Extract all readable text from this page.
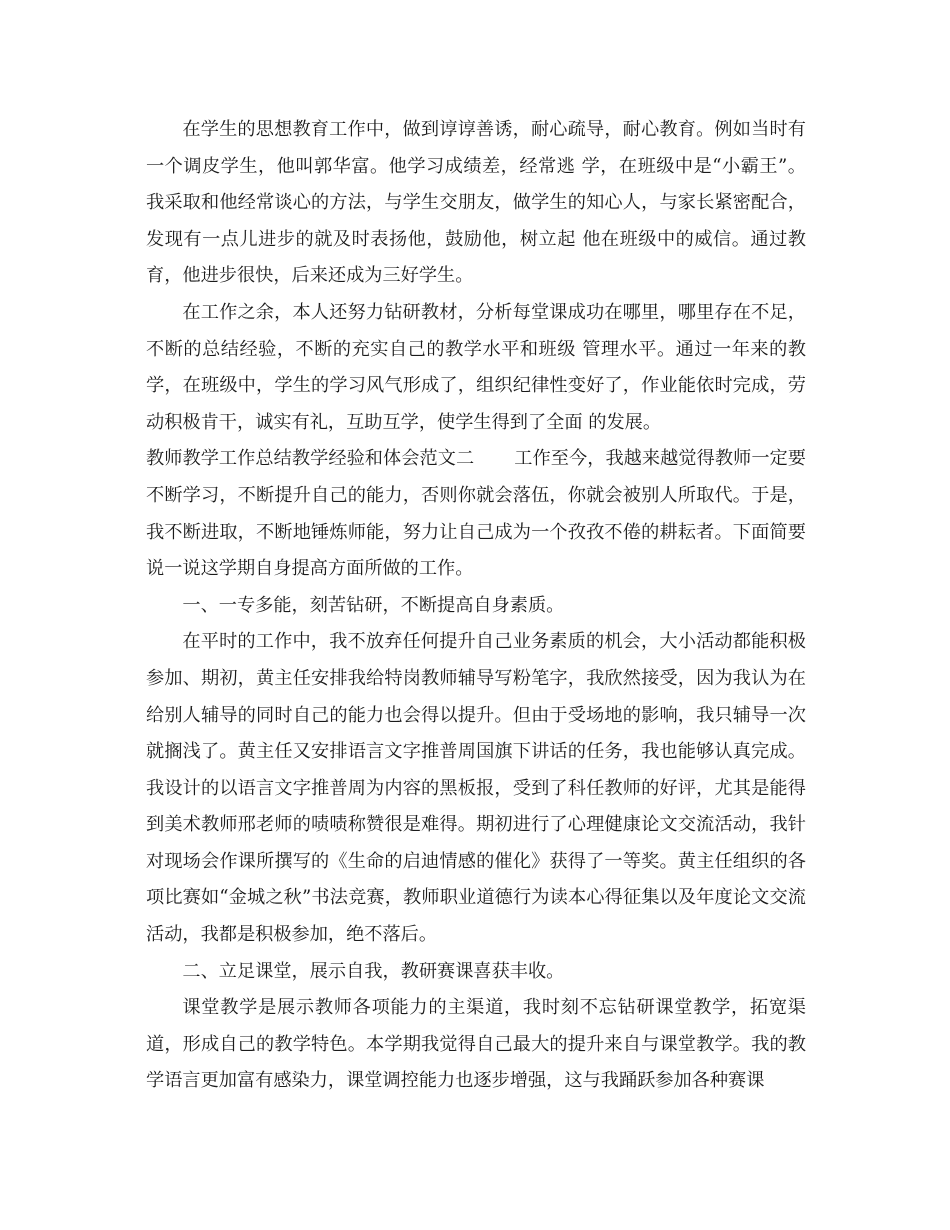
在学生的思想教育工作中，做到谆谆善诱，耐心疏导，耐心教育。例如当时有一个调皮学生，他叫郭华富。他学习成绩差，经常逃 学，在班级中是“小霸王”。我采取和他经常谈心的方法，与学生交朋友，做学生的知心人，与家长紧密配合，发现有一点儿进步的就及时表扬他，鼓励他，树立起 他在班级中的威信。通过教育，他进步很快，后来还成为三好学生。

在工作之余，本人还努力钻研教材，分析每堂课成功在哪里，哪里存在不足，不断的总结经验，不断的充实自己的教学水平和班级 管理水平。通过一年来的教学，在班级中，学生的学习风气形成了，组织纪律性变好了，作业能依时完成，劳动积极肯干，诚实有礼，互助互学，使学生得到了全面 的发展。

教师教学工作总结教学经验和体会范文二 工作至今，我越来越觉得教师一定要不断学习，不断提升自己的能力，否则你就会落伍，你就会被别人所取代。于是，我不断进取，不断地锤炼师能，努力让自己成为一个孜孜不倦的耕耘者。下面简要说一说这学期自身提高方面所做的工作。

一、一专多能，刻苦钻研，不断提高自身素质。

在平时的工作中，我不放弃任何提升自己业务素质的机会，大小活动都能积极参加、期初，黄主任安排我给特岗教师辅导写粉笔字，我欣然接受，因为我认为在给别人辅导的同时自己的能力也会得以提升。但由于受场地的影响，我只辅导一次就搁浅了。黄主任又安排语言文字推普周国旗下讲话的任务，我也能够认真完成。我设计的以语言文字推普周为内容的黑板报，受到了科任教师的好评，尤其是能得到美术教师邢老师的啧啧称赞很是难得。期初进行了心理健康论文交流活动，我针对现场会作课所撰写的《生命的启迪情感的催化》获得了一等奖。黄主任组织的各项比赛如“金城之秋”书法竞赛，教师职业道德行为读本心得征集以及年度论文交流活动，我都是积极参加，绝不落后。

二、立足课堂，展示自我，教研赛课喜获丰收。

课堂教学是展示教师各项能力的主渠道，我时刻不忘钻研课堂教学，拓宽渠道，形成自己的教学特色。本学期我觉得自己最大的提升来自与课堂教学。我的教学语言更加富有感染力，课堂调控能力也逐步增强，这与我踊跃参加各种赛课
